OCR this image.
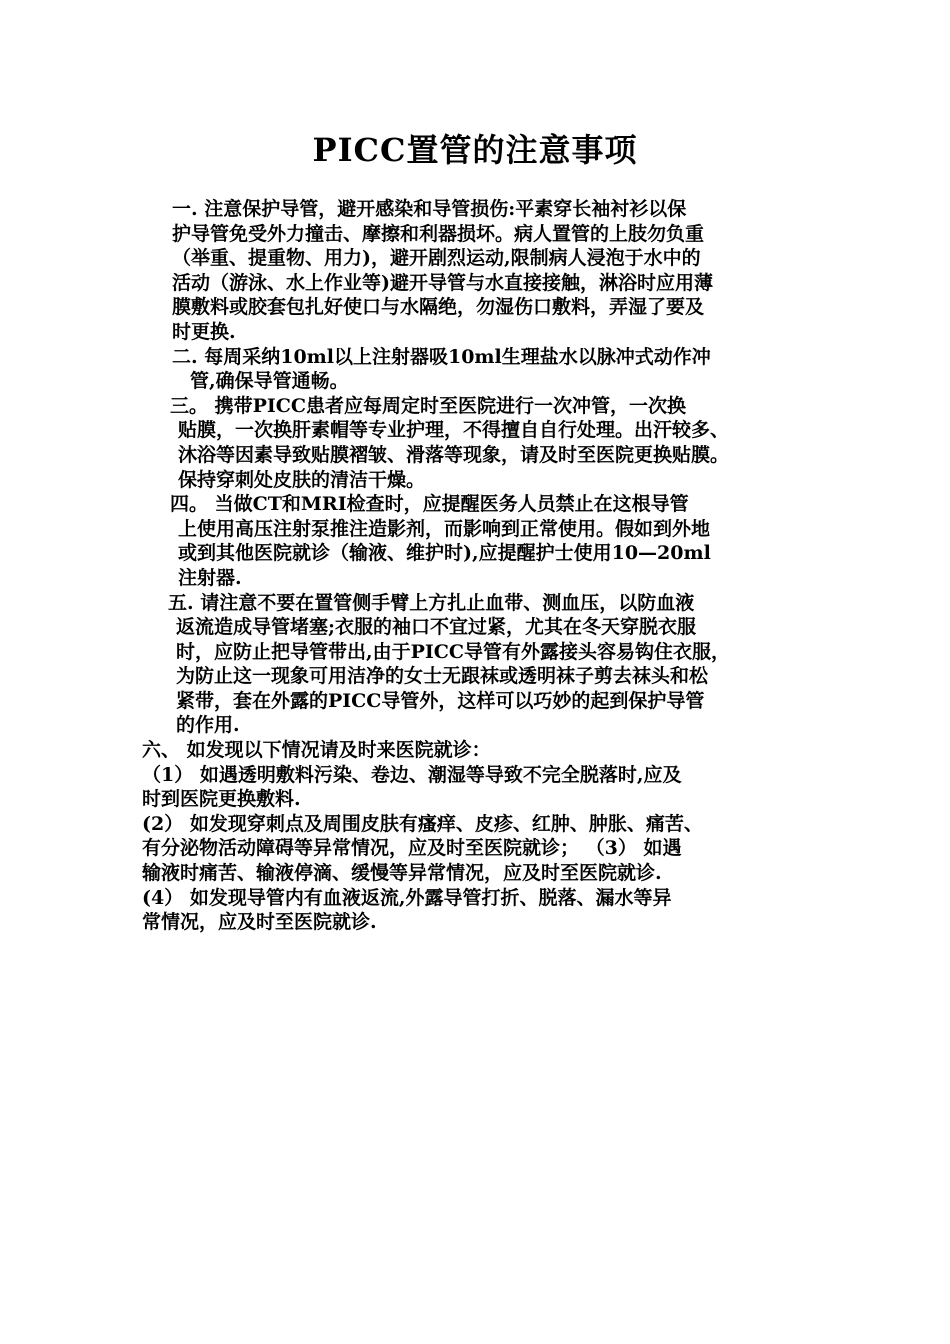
PICC置管的注意事项
一. 注意保护导管，避开感染和导管损伤:平素穿长袖衬衫以保
护导管免受外力撞击、摩擦和利器损坏。病人置管的上肢勿负重
（举重、提重物、用力)，避开剧烈运动,限制病人浸泡于水中的
活动（游泳、水上作业等)避开导管与水直接接触，淋浴时应用薄
膜敷料或胶套包扎好使口与水隔绝，勿湿伤口敷料，弄湿了要及
时更换.
二. 每周采纳10ml以上注射器吸10ml生理盐水以脉冲式动作冲
管,确保导管通畅。
三。 携带PICC患者应每周定时至医院进行一次冲管，一次换
贴膜，一次换肝素帽等专业护理，不得擅自自行处理。出汗较多、
沐浴等因素导致贴膜褶皱、滑落等现象，请及时至医院更换贴膜。
保持穿刺处皮肤的清洁干燥。
四。 当做CT和MRI检查时，应提醒医务人员禁止在这根导管
上使用高压注射泵推注造影剂，而影响到正常使用。假如到外地
或到其他医院就诊（输液、维护时),应提醒护士使用10—20ml
注射器.
五. 请注意不要在置管侧手臂上方扎止血带、测血压，以防血液
返流造成导管堵塞;衣服的袖口不宜过紧，尤其在冬天穿脱衣服
时，应防止把导管带出,由于PICC导管有外露接头容易钩住衣服，
为防止这一现象可用洁净的女士无跟袜或透明袜子剪去袜头和松
紧带，套在外露的PICC导管外，这样可以巧妙的起到保护导管
的作用.
六、 如发现以下情况请及时来医院就诊：
（1） 如遇透明敷料污染、卷边、潮湿等导致不完全脱落时,应及
时到医院更换敷料.
(2） 如发现穿刺点及周围皮肤有瘙痒、皮疹、红肿、肿胀、痛苦、
有分泌物活动障碍等异常情况，应及时至医院就诊； （3） 如遇
输液时痛苦、输液停滴、缓慢等异常情况，应及时至医院就诊.
(4） 如发现导管内有血液返流,外露导管打折、脱落、漏水等异
常情况，应及时至医院就诊.
